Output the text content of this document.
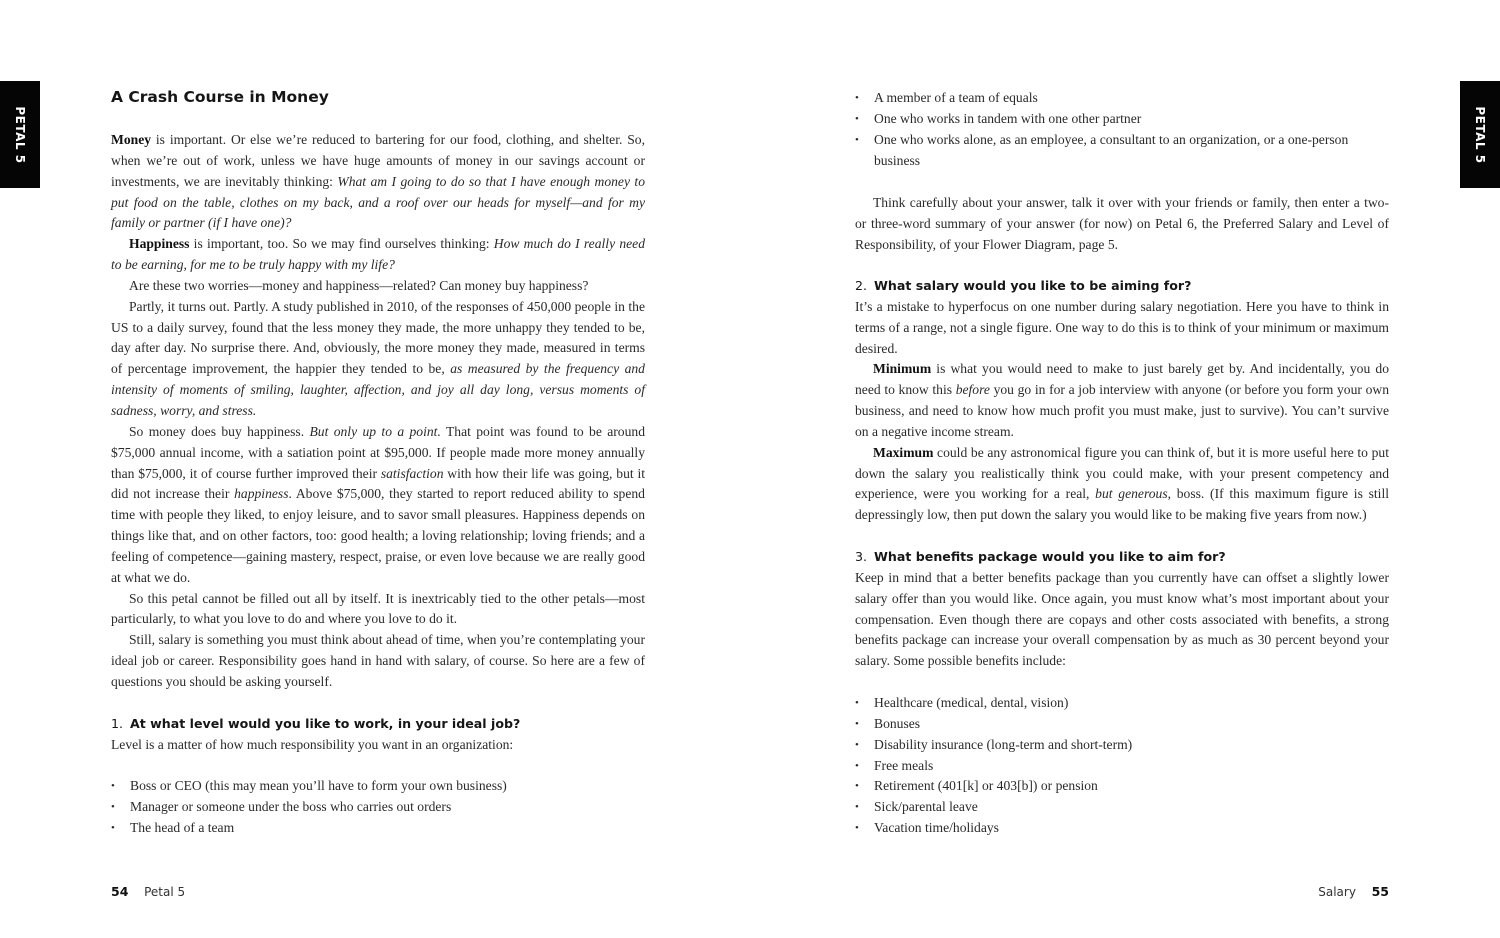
PETAL 5	PETAL 5
A Crash Course in Money

Money is important. Or else we’re reduced to bartering for our food, clothing, and shelter. So, when we’re out of work, unless we have huge amounts of money in our savings account or investments, we are inevitably thinking: What am I going to do so that I have enough money to put food on the table, clothes on my back, and a roof over our heads for myself—and for my family or partner (if I have one)?

Happiness is important, too. So we may find ourselves thinking: How much do I really need to be earning, for me to be truly happy with my life?

Are these two worries—money and happiness—related? Can money buy happiness?

Partly, it turns out. Partly. A study published in 2010, of the responses of 450,000 people in the US to a daily survey, found that the less money they made, the more unhappy they tended to be, day after day. No surprise there. And, obviously, the more money they made, measured in terms of percentage improvement, the happier they tended to be, as measured by the frequency and intensity of moments of smiling, laughter, affection, and joy all day long, versus moments of sadness, worry, and stress.

So money does buy happiness. But only up to a point. That point was found to be around $75,000 annual income, with a satiation point at $95,000. If people made more money annually than $75,000, it of course further improved their satisfaction with how their life was going, but it did not increase their happiness. Above $75,000, they started to report reduced ability to spend time with people they liked, to enjoy leisure, and to savor small pleasures. Happiness depends on things like that, and on other factors, too: good health; a loving relationship; loving friends; and a feeling of competence—gaining mastery, respect, praise, or even love because we are really good at what we do.

So this petal cannot be filled out all by itself. It is inextricably tied to the other petals—most particularly, to what you love to do and where you love to do it.

Still, salary is something you must think about ahead of time, when you’re contemplating your ideal job or career. Responsibility goes hand in hand with salary, of course. So here are a few of questions you should be asking yourself.

1. At what level would you like to work, in your ideal job?

Level is a matter of how much responsibility you want in an organization:

• Boss or CEO (this may mean you’ll have to form your own business)
• Manager or someone under the boss who carries out orders
• The head of a team
54 Petal 5
• A member of a team of equals
• One who works in tandem with one other partner
• One who works alone, as an employee, a consultant to an organization, or a one-person business

Think carefully about your answer, talk it over with your friends or family, then enter a two- or three-word summary of your answer (for now) on Petal 6, the Preferred Salary and Level of Responsibility, of your Flower Diagram, page 5.

2. What salary would you like to be aiming for?

It’s a mistake to hyperfocus on one number during salary negotiation. Here you have to think in terms of a range, not a single figure. One way to do this is to think of your minimum or maximum desired.

Minimum is what you would need to make to just barely get by. And incidentally, you do need to know this before you go in for a job interview with anyone (or before you form your own business, and need to know how much profit you must make, just to survive). You can’t survive on a negative income stream.

Maximum could be any astronomical figure you can think of, but it is more useful here to put down the salary you realistically think you could make, with your present competency and experience, were you working for a real, but generous, boss. (If this maximum figure is still depressingly low, then put down the salary you would like to be making five years from now.)

3. What benefits package would you like to aim for?

Keep in mind that a better benefits package than you currently have can offset a slightly lower salary offer than you would like. Once again, you must know what’s most important about your compensation. Even though there are copays and other costs associated with benefits, a strong benefits package can increase your overall compensation by as much as 30 percent beyond your salary. Some possible benefits include:

• Healthcare (medical, dental, vision)
• Bonuses
• Disability insurance (long-term and short-term)
• Free meals
• Retirement (401[k] or 403[b]) or pension
• Sick/parental leave
• Vacation time/holidays
Salary 55
